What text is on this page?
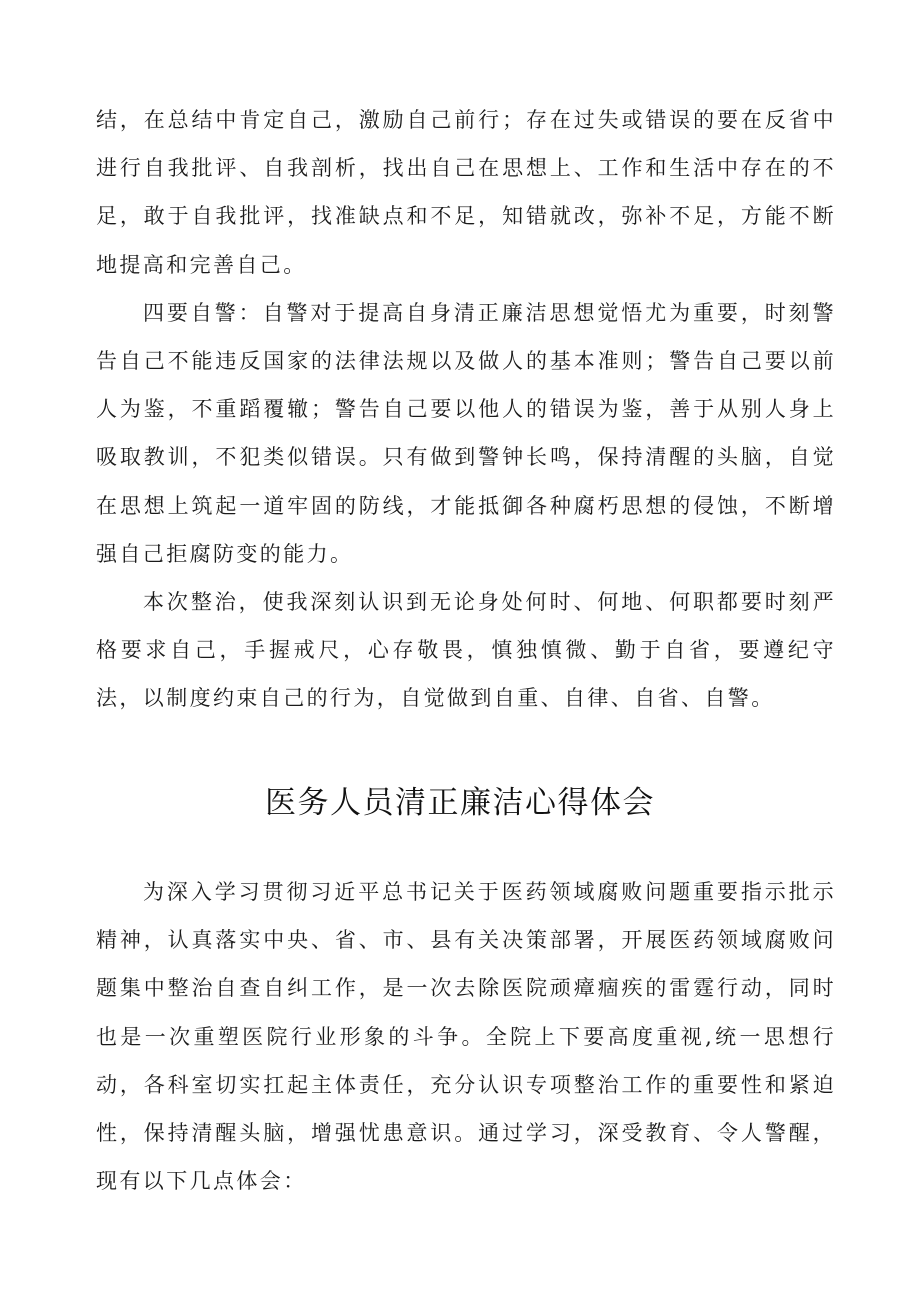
结，在总结中肯定自己，激励自己前行；存在过失或错误的要在反省中进行自我批评、自我剖析，找出自己在思想上、工作和生活中存在的不足，敢于自我批评，找准缺点和不足，知错就改，弥补不足，方能不断地提高和完善自己。

四要自警：自警对于提高自身清正廉洁思想觉悟尤为重要，时刻警告自己不能违反国家的法律法规以及做人的基本准则；警告自己要以前人为鉴，不重蹈覆辙；警告自己要以他人的错误为鉴，善于从别人身上吸取教训，不犯类似错误。只有做到警钟长鸣，保持清醒的头脑，自觉在思想上筑起一道牢固的防线，才能抵御各种腐朽思想的侵蚀，不断增强自己拒腐防变的能力。

本次整治，使我深刻认识到无论身处何时、何地、何职都要时刻严格要求自己，手握戒尺，心存敬畏，慎独慎微、勤于自省，要遵纪守法，以制度约束自己的行为，自觉做到自重、自律、自省、自警。

医务人员清正廉洁心得体会

为深入学习贯彻习近平总书记关于医药领域腐败问题重要指示批示精神，认真落实中央、省、市、县有关决策部署，开展医药领域腐败问题集中整治自查自纠工作，是一次去除医院顽瘴痼疾的雷霆行动，同时也是一次重塑医院行业形象的斗争。全院上下要高度重视,统一思想行动，各科室切实扛起主体责任，充分认识专项整治工作的重要性和紧迫性，保持清醒头脑，增强忧患意识。通过学习，深受教育、令人警醒，现有以下几点体会：
